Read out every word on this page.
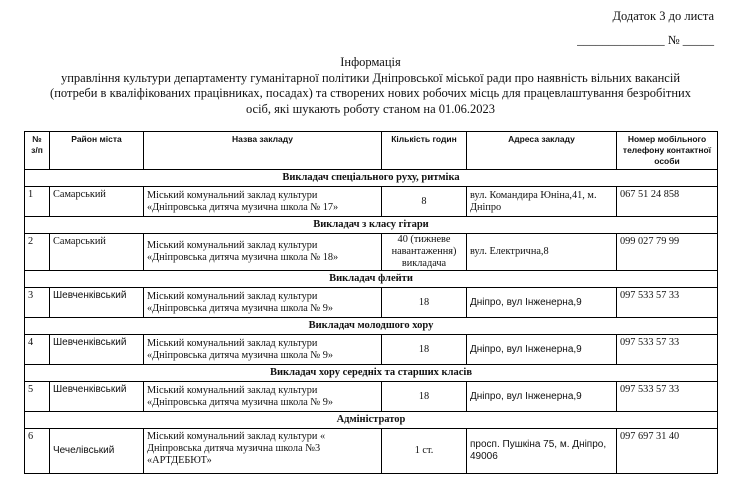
Додаток 3 до листа
______________ № _____
Інформація
управління культури департаменту гуманітарної політики Дніпровської міської ради про наявність вільних вакансій
(потреби в кваліфікованих працівниках, посадах) та створених нових робочих місць для працевлаштування безробітних
осіб, які шукають роботу станом на 01.06.2023
№ з/п	Район міста	Назва закладу	Кількість годин	Адреса закладу	Номер мобільного телефону контактної особи
Викладач спеціального руху, ритміка					
1	Самарський	Міський комунальний заклад культури «Дніпровська дитяча музична школа № 17»	8	вул. Командира Юніна,41, м. Дніпро	067 51 24 858
Викладач з класу гітари					
2	Самарський	Міський комунальний заклад культури «Дніпровська дитяча музична школа № 18»	40 (тижневе навантаження) викладача	вул. Електрична,8	099 027 79 99
Викладач флейти					
3	Шевченківський	Міський комунальний заклад культури «Дніпровська дитяча музична школа № 9»	18	Дніпро, вул Інженерна,9	097 533 57 33
Викладач молодшого хору					
4	Шевченківський	Міський комунальний заклад культури «Дніпровська дитяча музична школа № 9»	18	Дніпро, вул Інженерна,9	097 533 57 33
Викладач хору середніх та старших класів					
5	Шевченківський	Міський комунальний заклад культури «Дніпровська дитяча музична школа № 9»	18	Дніпро, вул Інженерна,9	097 533 57 33
Адміністратор					
6	Чечелівський	Міський комунальний заклад культури « Дніпровська дитяча музична школа №3 «АРТДЕБЮТ»	1 ст.	просп. Пушкіна 75, м. Дніпро, 49006	097 697 31 40
